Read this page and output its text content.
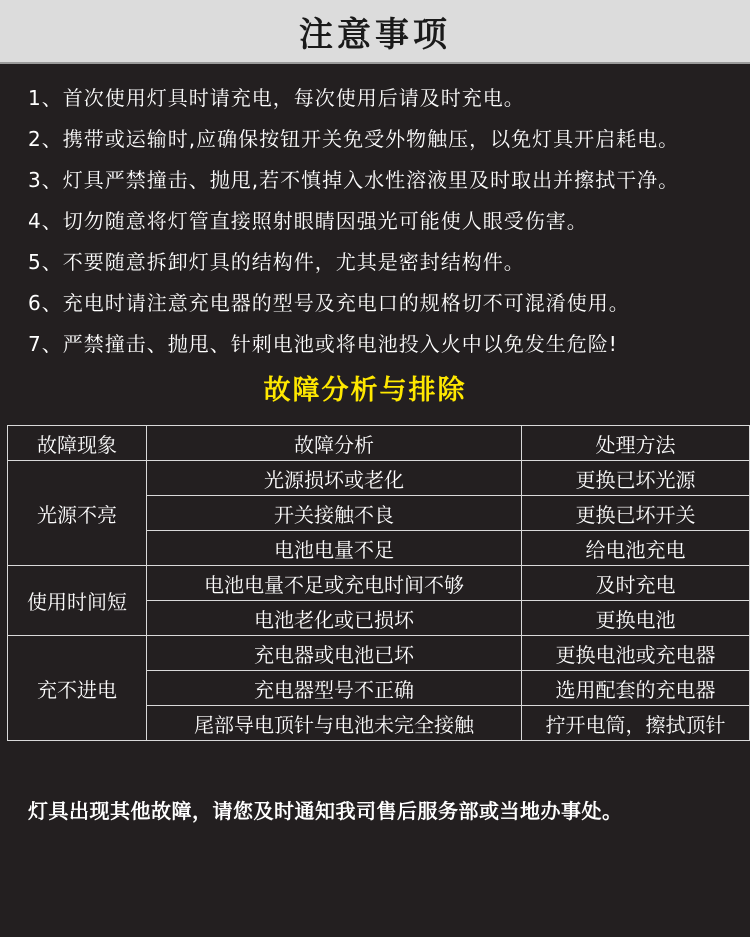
注意事项
1、首次使用灯具时请充电，每次使用后请及时充电。
2、携带或运输时,应确保按钮开关免受外物触压，以免灯具开启耗电。
3、灯具严禁撞击、抛甩,若不慎掉入水性溶液里及时取出并擦拭干净。
4、切勿随意将灯管直接照射眼睛因强光可能使人眼受伤害。
5、不要随意拆卸灯具的结构件，尤其是密封结构件。
6、充电时请注意充电器的型号及充电口的规格切不可混淆使用。
7、严禁撞击、抛甩、针刺电池或将电池投入火中以免发生危险!
故障分析与排除
故障现象	故障分析	处理方法
光源不亮	光源损坏或老化	更换已坏光源
	开关接触不良	更换已坏开关
	电池电量不足	给电池充电
使用时间短	电池电量不足或充电时间不够	及时充电
	电池老化或已损坏	更换电池
充不进电	充电器或电池已坏	更换电池或充电器
	充电器型号不正确	选用配套的充电器
	尾部导电顶针与电池未完全接触	拧开电筒，擦拭顶针
灯具出现其他故障，请您及时通知我司售后服务部或当地办事处。
